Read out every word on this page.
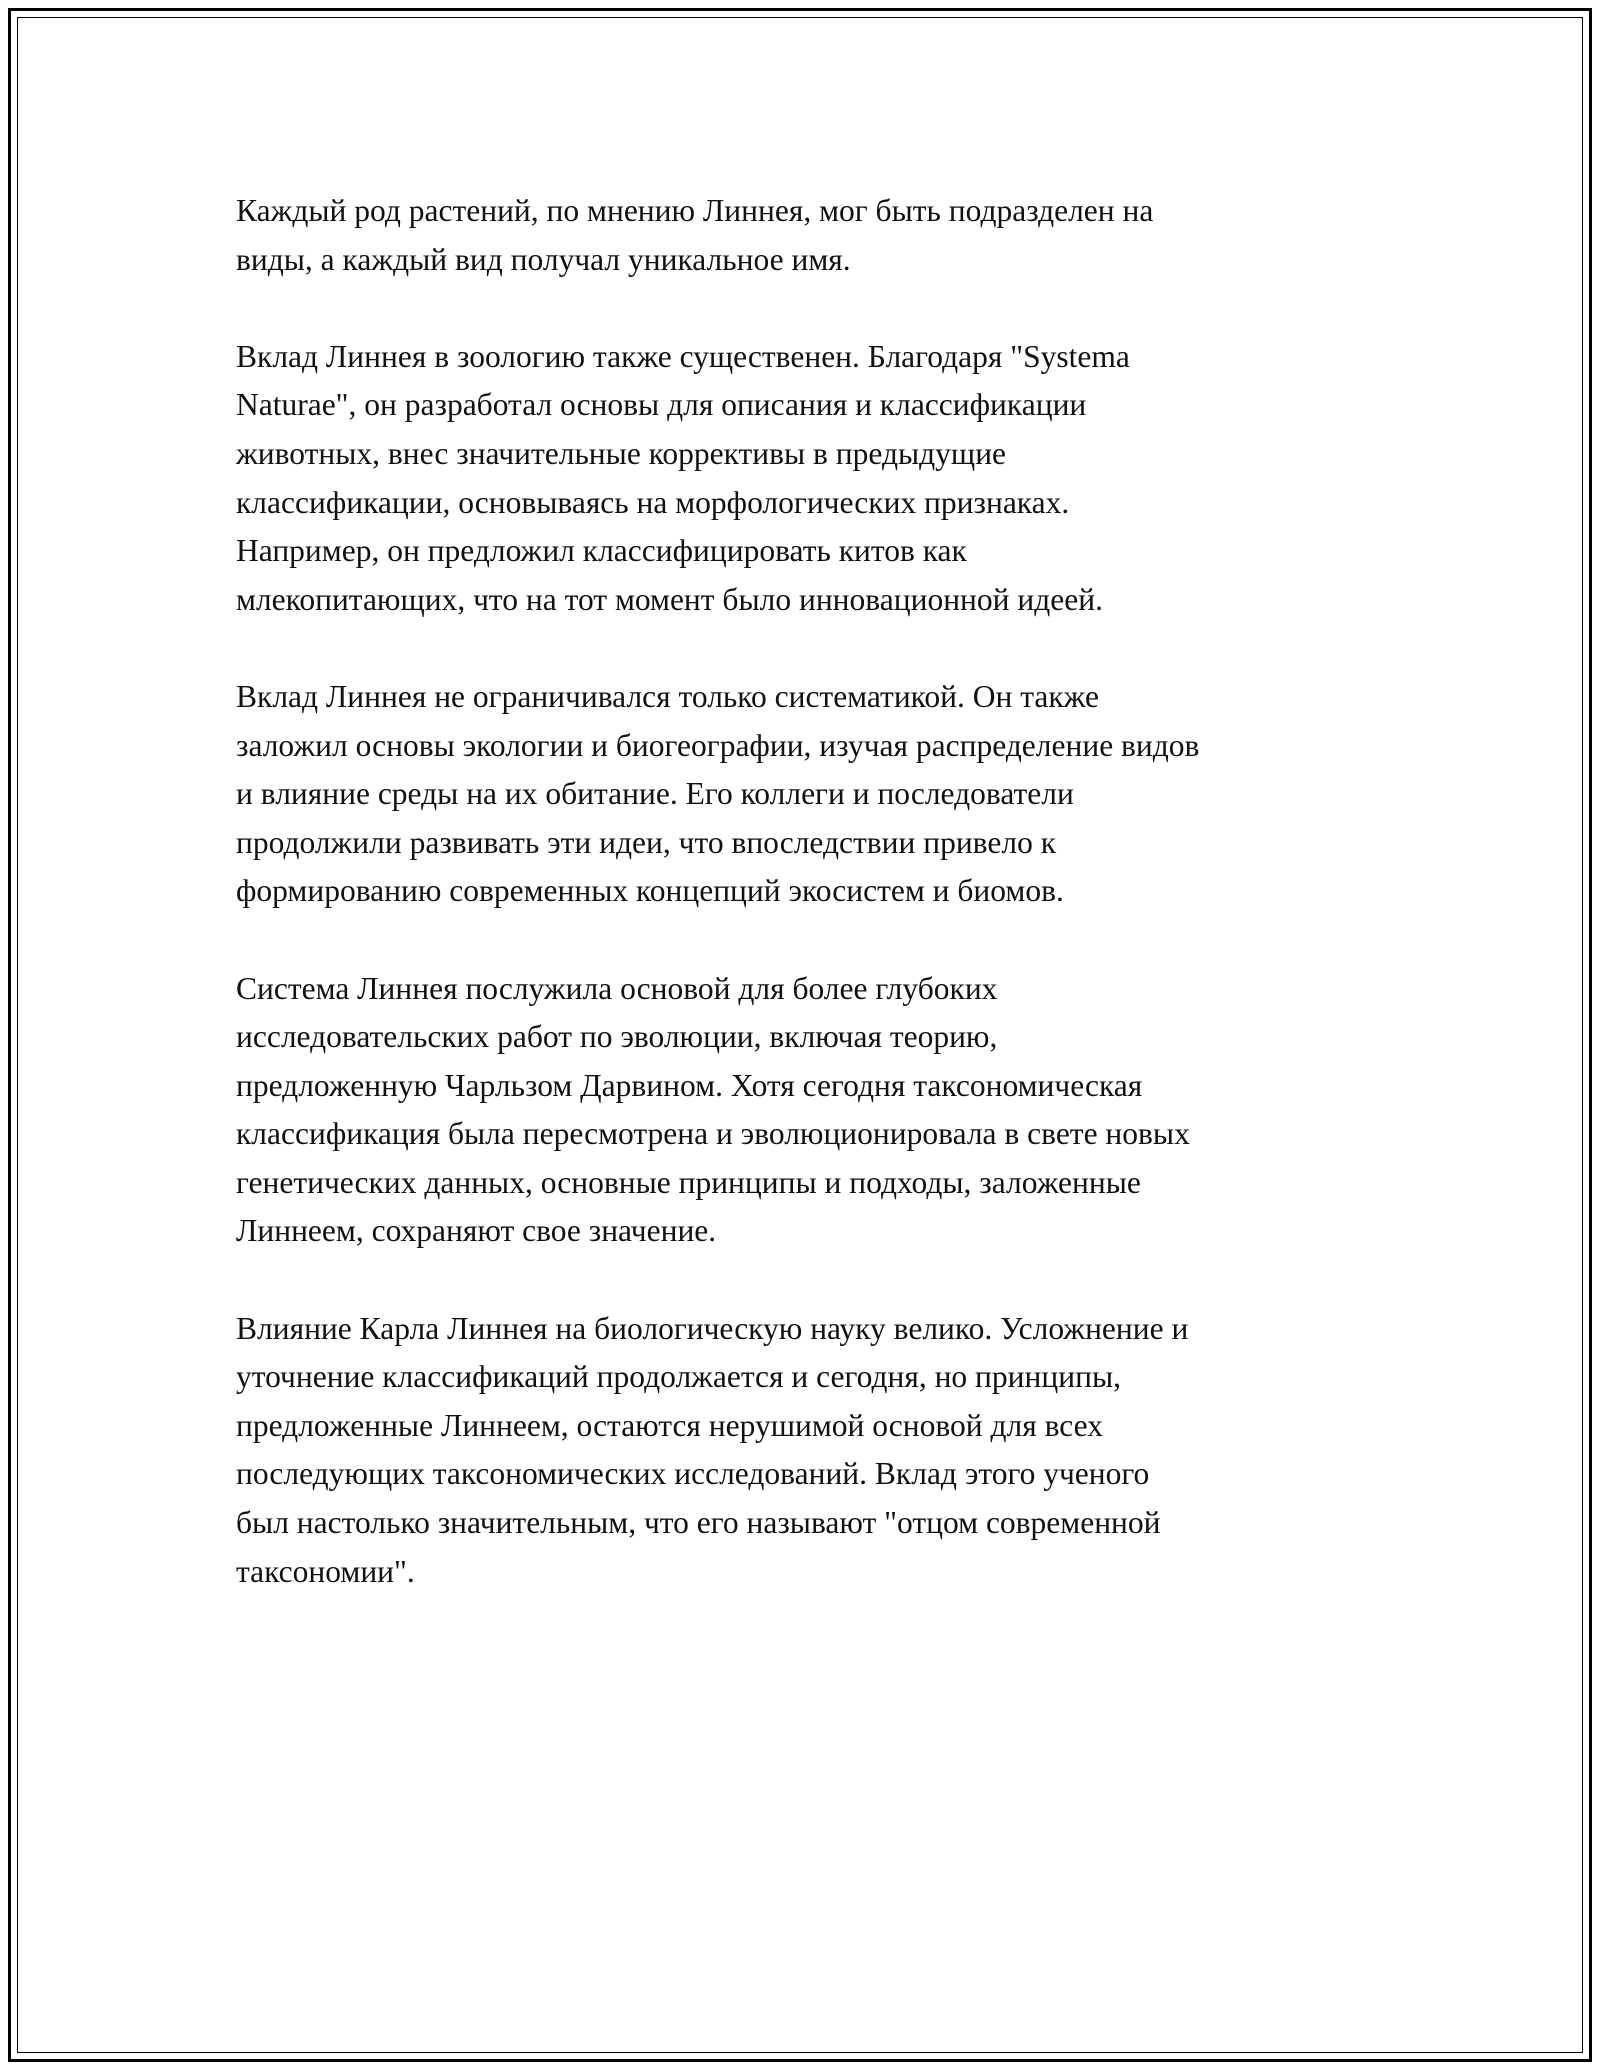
Каждый род растений, по мнению Линнея, мог быть подразделен на
виды, а каждый вид получал уникальное имя.

Вклад Линнея в зоологию также существенен. Благодаря "Systema
Naturae", он разработал основы для описания и классификации
животных, внес значительные коррективы в предыдущие
классификации, основываясь на морфологических признаках.
Например, он предложил классифицировать китов как
млекопитающих, что на тот момент было инновационной идеей.

Вклад Линнея не ограничивался только систематикой. Он также
заложил основы экологии и биогеографии, изучая распределение видов
и влияние среды на их обитание. Его коллеги и последователи
продолжили развивать эти идеи, что впоследствии привело к
формированию современных концепций экосистем и биомов.

Система Линнея послужила основой для более глубоких
исследовательских работ по эволюции, включая теорию,
предложенную Чарльзом Дарвином. Хотя сегодня таксономическая
классификация была пересмотрена и эволюционировала в свете новых
генетических данных, основные принципы и подходы, заложенные
Линнеем, сохраняют свое значение.

Влияние Карла Линнея на биологическую науку велико. Усложнение и
уточнение классификаций продолжается и сегодня, но принципы,
предложенные Линнеем, остаются нерушимой основой для всех
последующих таксономических исследований. Вклад этого ученого
был настолько значительным, что его называют "отцом современной
таксономии".
